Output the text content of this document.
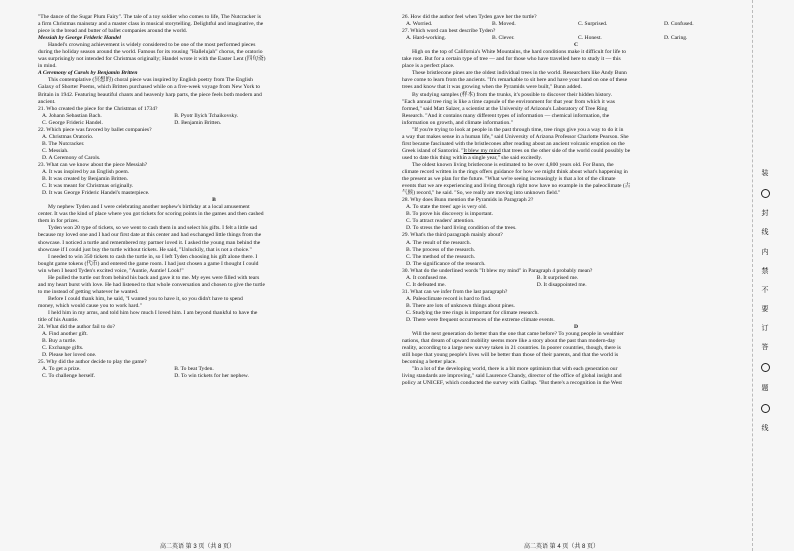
"The dance of the Sugar Plum Fairy". The tale of a toy soldier who comes to life, The Nutcracker is

a firm Christmas mainstay and a master class in musical storytelling. Delightful and imaginative, the

piece is the bread and butter of ballet companies around the world.

Messiah by George Frideric Handel

Handel's crowning achievement is widely considered to be one of the most performed pieces

during the holiday season around the world. Famous for its rousing "Hallelujah" chorus, the oratorio

was surprisingly not intended for Christmas originally; Handel wrote it with the Easter Lent (四旬斋)

in mind.

A Ceremony of Carols by Benjamin Britten

This contemplative (冥想的) choral piece was inspired by English poetry from The English

Galaxy of Shorter Poems, which Britten purchased while on a five-week voyage from New York to

Britain in 1942. Featuring beautiful chants and heavenly harp parts, the piece feels both modern and

ancient.

21. Who created the piece for the Christmas of 1734?

A. Johann Sebastian Bach.	B. Pyotr Ilyich Tchaikovsky.
C. George Frideric Handel.	D. Benjamin Britten.

22. Which piece was favored by ballet companies?

A. Christmas Oratorio.

B. The Nutcracker.

C. Messiah.

D. A Ceremony of Carols.

23. What can we know about the piece Messiah?

A. It was inspired by an English poem.

B. It was created by Benjamin Britten.

C. It was meant for Christmas originally.

D. It was George Frideric Handel's masterpiece.

B

My nephew Tyden and I were celebrating another nephew's birthday at a local amusement

center. It was the kind of place where you got tickets for scoring points in the games and then cashed

them in for prizes.

Tyden won 20 type of tickets, so we went to cash them in and select his gifts. I felt a little sad

because my loved one and I had our first date at this center and had exchanged little things from the

showcase. I noticed a turtle and remembered my partner loved it. I asked the young man behind the

showcase if I could just buy the turtle without tickets. He said, "Unluckily, that is not a choice."

I needed to win 350 tickets to cash the turtle in, so I left Tyden choosing his gift alone there. I

bought game tokens (代币) and entered the game room. I had just chosen a game I thought I could

win when I heard Tyden's excited voice, "Auntie, Auntie! Look!"

He pulled the turtle out from behind his back and gave it to me. My eyes were filled with tears

and my heart burst with love. He had listened to that whole conversation and chosen to give the turtle

to me instead of getting whatever he wanted.

Before I could thank him, he said, "I wanted you to have it, so you didn't have to spend

money, which would cause you to work hard."

I held him in my arms, and told him how much I loved him. I am beyond thankful to have the

title of his Auntie.

24. What did the author fail to do?

A. Find another gift.

B. Buy a turtle.

C. Exchange gifts.

D. Please her loved one.

25. Why did the author decide to play the game?

A. To get a prize.	B. To beat Tyden.
C. To challenge herself.	D. To win tickets for her nephew.

26. How did the author feel when Tyden gave her the turtle?

A. Worried.	B. Moved.	C. Surprised.	D. Confused.

27. Which word can best describe Tyden?

A. Hard-working.	B. Clever.	C. Honest.	D. Caring.

C

High on the top of California's White Mountains, the hard conditions make it difficult for life to

take root. But for a certain type of tree — and for those who have travelled here to study it — this

place is a perfect place.

These bristlecone pines are the oldest individual trees in the world. Researchers like Andy Bunn

have come to learn from the ancients. "It's remarkable to sit here and have your hand on one of these

trees and know that it was growing when the Pyramids were built," Bunn added.

By studying samples (样本) from the trunks, it's possible to discover their hidden history.

"Each annual tree ring is like a time capsule of the environment for that year from which it was

formed," said Matt Salzer, a scientist at the University of Arizona's Laboratory of Tree Ring

Research. "And it contains many different types of information — chemical information, the

information on growth, and climate information."

"If you're trying to look at people in the past through time, tree rings give you a way to do it in

a way that makes sense in a human life," said University of Arizona Professor Charlotte Pearson. She

first became fascinated with the bristlecones after reading about an ancient volcanic eruption on the

Greek island of Santorini. "It blew my mind that trees on the other side of the world could possibly be

used to date this thing within a single year," she said excitedly.

The oldest known living bristlecone is estimated to be over 4,800 years old. For Bunn, the

climate record written in the rings offers guidance for how we might think about what's happening in

the present as we plan for the future. "What we're seeing increasingly is that a lot of the climate

events that we are experiencing and living through right now have no example in the paleoclimate (古

气候) record," he said. "So, we really are moving into unknown field."

28. Why does Bunn mention the Pyramids in Paragraph 2?

A. To state the trees' age is very old.

B. To prove his discovery is important.

C. To attract readers' attention.

D. To stress the hard living condition of the trees.

29. What's the third paragraph mainly about?

A. The result of the research.

B. The process of the research.

C. The method of the research.

D. The significance of the research.

30. What do the underlined words "It blew my mind" in Paragraph 4 probably mean?

A. It confused me.	B. It surprised me.
C. It defeated me.	D. It disappointed me.

31. What can we infer from the last paragraph?

A. Paleoclimate record is hard to find.

B. There are lots of unknown things about pines.

C. Studying the tree rings is important for climate research.

D. There were frequent occurrences of the extreme climate events.

D

Will the next generation do better than the one that came before? To young people in wealthier

nations, that dream of upward mobility seems more like a story about the past than modern-day

reality, according to a large new survey taken in 21 countries. In poorer countries, though, there is

still hope that young people's lives will be better than those of their parents, and that the world is

becoming a better place.

"In a lot of the developing world, there is a bit more optimism that with each generation our

living standards are improving," said Laurence Chandy, director of the office of global insight and

policy at UNICEF, which conducted the survey with Gallup. "But there's a recognition in the West

高二英语 第 3 页（共 8 页）	高二英语 第 4 页（共 8 页）
装
封
线
内
禁
不
要
订
答
题
线
